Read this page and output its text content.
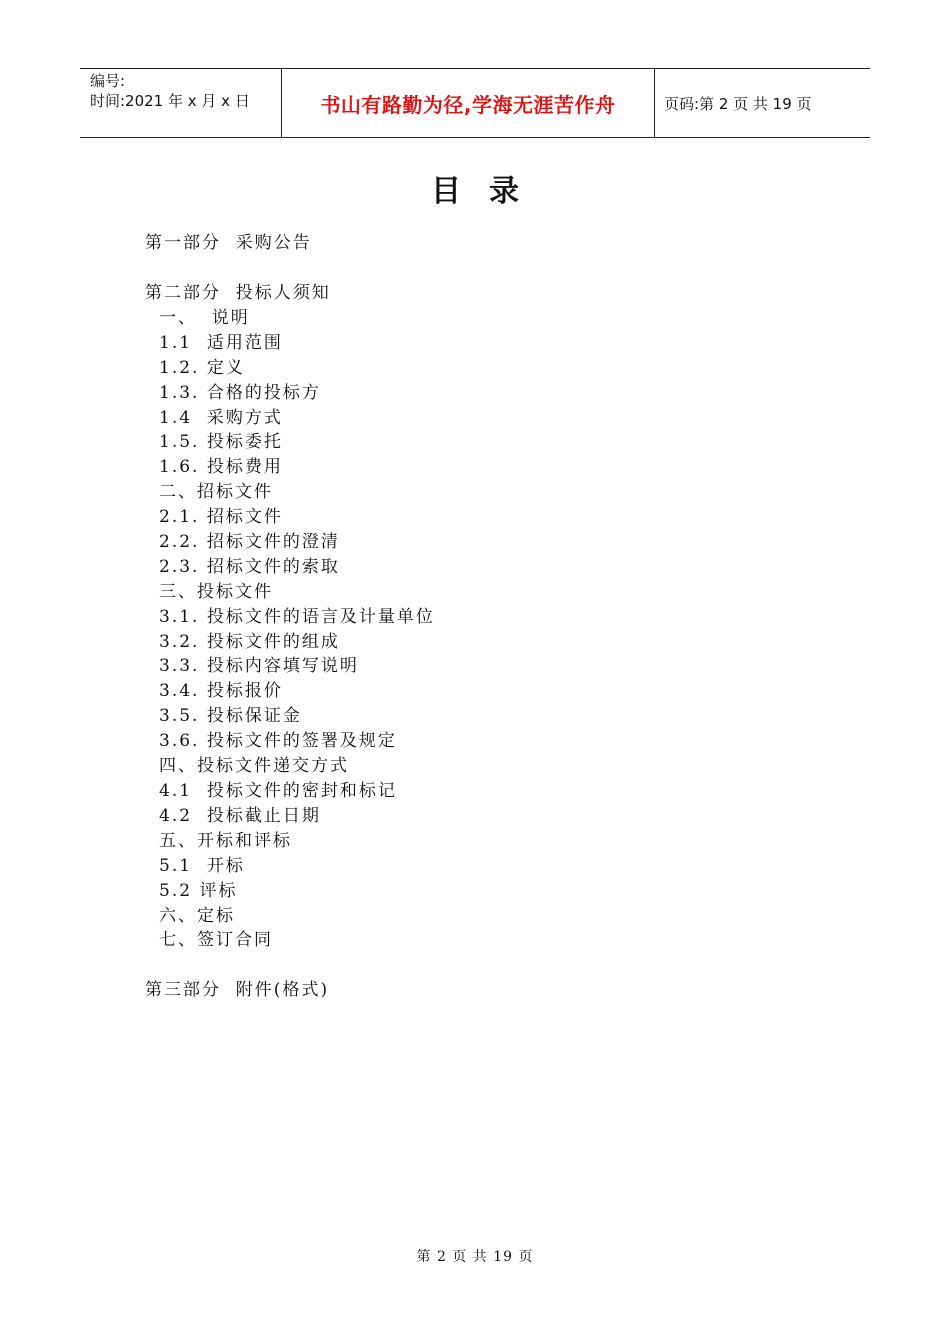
编号:
时间:2021 年 x 月 x 日	书山有路勤为径,学海无涯苦作舟	页码:第 2 页 共 19 页
目录
第一部分  采购公告
第二部分  投标人须知
一、  说明
1.1  适用范围
1.2. 定义
1.3. 合格的投标方
1.4  采购方式
1.5. 投标委托
1.6. 投标费用
二、招标文件
2.1. 招标文件
2.2. 招标文件的澄清
2.3. 招标文件的索取
三、投标文件
3.1. 投标文件的语言及计量单位
3.2. 投标文件的组成
3.3. 投标内容填写说明
3.4. 投标报价
3.5. 投标保证金
3.6. 投标文件的签署及规定
四、投标文件递交方式
4.1  投标文件的密封和标记
4.2  投标截止日期
五、开标和评标
5.1  开标
5.2 评标
六、定标
七、签订合同
第三部分  附件(格式)
第 2 页 共 19 页
